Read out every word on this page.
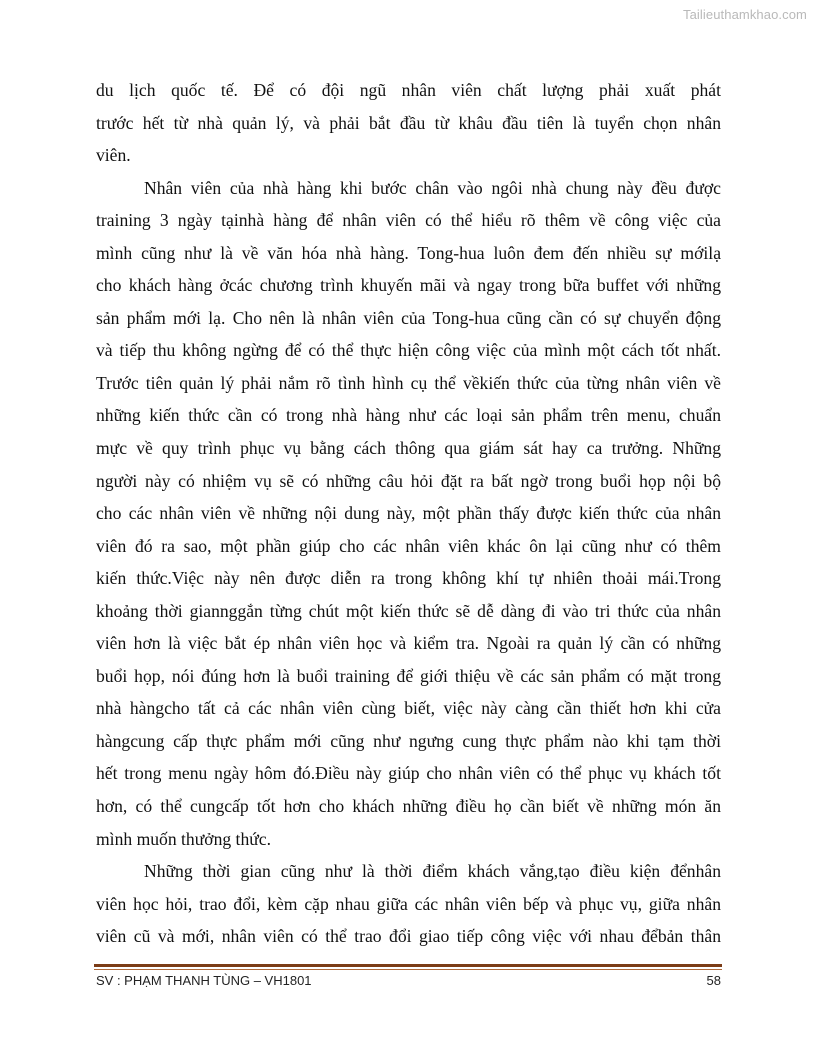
Tailieuthamkhao.com
du lịch quốc tế. Để có đội ngũ nhân viên chất lượng phải xuất phát
trước hết từ nhà quản lý, và phải bắt đầu từ khâu đầu tiên là tuyển chọn nhân
viên.
Nhân viên của nhà hàng khi bước chân vào ngôi nhà chung này đều được
training 3 ngày tạinhà hàng để nhân viên có thể hiểu rõ thêm về công việc của
mình cũng như là về văn hóa nhà hàng. Tong-hua luôn đem đến nhiều sự mớilạ
cho khách hàng ởcác chương trình khuyến mãi và ngay trong bữa buffet với những
sản phẩm mới lạ. Cho nên là nhân viên của Tong-hua cũng cần có sự chuyển động
và tiếp thu không ngừng để có thể thực hiện công việc của mình một cách tốt nhất.
Trước tiên quản lý phải nắm rõ tình hình cụ thể vềkiến thức của từng nhân viên về
những kiến thức cần có trong nhà hàng như các loại sản phẩm trên menu, chuẩn
mực về quy trình phục vụ bằng cách thông qua giám sát hay ca trưởng. Những
người này có nhiệm vụ sẽ có những câu hỏi đặt ra bất ngờ trong buổi họp nội bộ
cho các nhân viên về những nội dung này, một phần thấy được kiến thức của nhân
viên đó ra sao, một phần giúp cho các nhân viên khác ôn lại cũng như có thêm
kiến thức.Việc này nên được diễn ra trong không khí tự nhiên thoải mái.Trong
khoảng thời giannggắn từng chút một kiến thức sẽ dễ dàng đi vào tri thức của nhân
viên hơn là việc bắt ép nhân viên học và kiểm tra. Ngoài ra quản lý cần có những
buổi họp, nói đúng hơn là buổi training để giới thiệu về các sản phẩm có mặt trong
nhà hàngcho tất cả các nhân viên cùng biết, việc này càng cần thiết hơn khi cửa
hàngcung cấp thực phẩm mới cũng như ngưng cung thực phẩm nào khi tạm thời
hết trong menu ngày hôm đó.Điều này giúp cho nhân viên có thể phục vụ khách tốt
hơn, có thể cungcấp tốt hơn cho khách những điều họ cần biết về những món ăn
mình muốn thưởng thức.
Những thời gian cũng như là thời điểm khách vắng,tạo điều kiện đểnhân
viên học hỏi, trao đổi, kèm cặp nhau giữa các nhân viên bếp và phục vụ, giữa nhân
viên cũ và mới, nhân viên có thể trao đổi giao tiếp công việc với nhau đểbản thân
SV : PHẠM THANH TÙNG – VH1801	58
